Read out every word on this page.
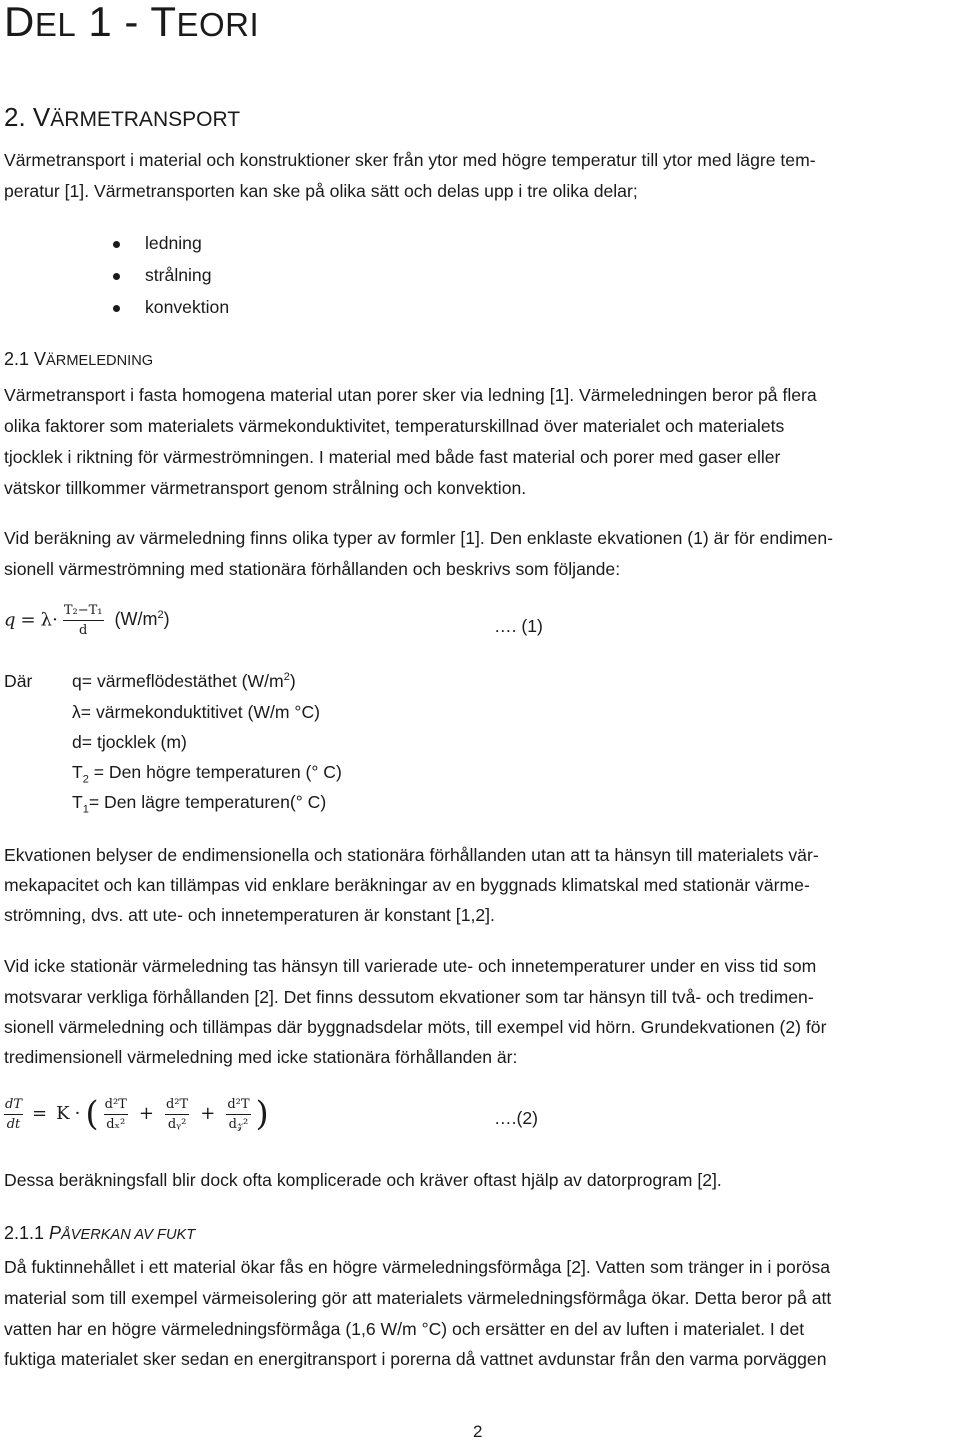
DEL 1 - TEORI
2. VÄRMETRANSPORT
Värmetransport i material och konstruktioner sker från ytor med högre temperatur till ytor med lägre tem-
peratur [1]. Värmetransporten kan ske på olika sätt och delas upp i tre olika delar;
ledning
strålning
konvektion
2.1 VÄRMELEDNING
Värmetransport i fasta homogena material utan porer sker via ledning [1]. Värmeledningen beror på flera
olika faktorer som materialets värmekonduktivitet, temperaturskillnad över materialet och materialets
tjocklek i riktning för värmeströmningen. I material med både fast material och porer med gaser eller
vätskor tillkommer värmetransport genom strålning och konvektion.
Vid beräkning av värmeledning finns olika typer av formler [1]. Den enklaste ekvationen (1) är för endimen-
sionell värmeströmning med stationära förhållanden och beskrivs som följande:
$q = \lambda\cdot \frac{\text{T₂−T₁}}{d} (W/m^2)$	…. (1)
Där q= värmeflödestäthet $(W/m^2)$
λ= värmekonduktitivet (W/m °C)
d= tjocklek (m)
$T_2$ = Den högre temperaturen (° C)
$T_1=$ Den lägre temperaturen(° C)
Ekvationen belyser de endimensionella och stationära förhållanden utan att ta hänsyn till materialets vär-
mekapacitet och kan tillämpas vid enklare beräkningar av en byggnads klimatskal med stationär värme-
strömning, dvs. att ute- och innetemperaturen är konstant [1,2].
Vid icke stationär värmeledning tas hänsyn till varierade ute- och innetemperaturer under en viss tid som
motsvarar verkliga förhållanden [2]. Det finns dessutom ekvationer som tar hänsyn till två- och tredimen-
sionell värmeledning och tillämpas där byggnadsdelar möts, till exempel vid hörn. Grundekvationen (2) för
tredimensionell värmeledning med icke stationära förhållanden är:
$\frac{dT}{dt} = K$ · ( $\frac{\text{d²T}}{\text{dₓ²}} + \frac{\text{d²T}}{\text{dᵧ²}} + \frac{\text{d²T}}{\text{d𝓏²}}$ )	….(2)
Dessa beräkningsfall blir dock ofta komplicerade och kräver oftast hjälp av datorprogram [2].
2.1.1 PÅVERKAN AV FUKT
Då fuktinnehållet i ett material ökar fås en högre värmeledningsförmåga [2]. Vatten som tränger in i porösa
material som till exempel värmeisolering gör att materialets värmeledningsförmåga ökar. Detta beror på att
vatten har en högre värmeledningsförmåga (1,6 W/m °C) och ersätter en del av luften i materialet. I det
fuktiga materialet sker sedan en energitransport i porerna då vattnet avdunstar från den varma porväggen
2
